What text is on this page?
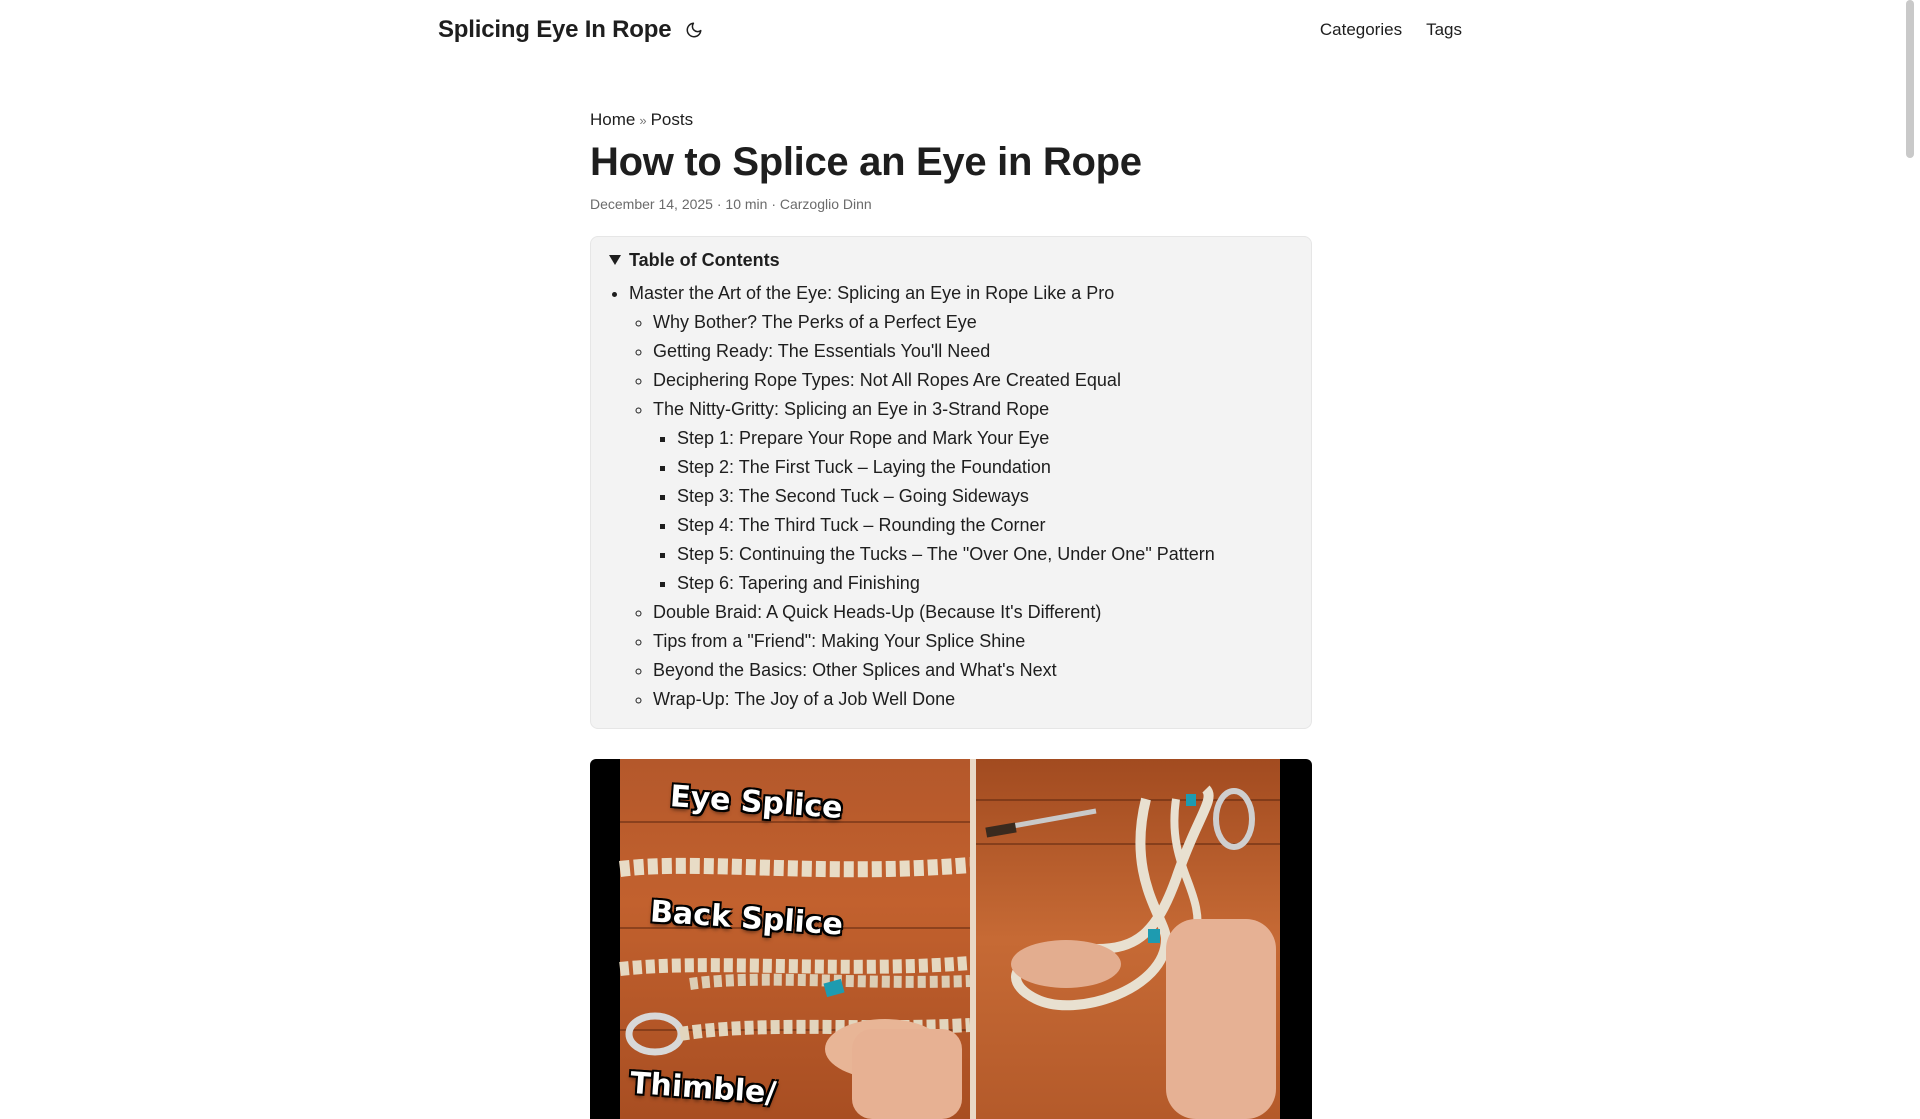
Splicing Eye In Rope	Categories Tags
Home » Posts
How to Splice an Eye in Rope
December 14, 2025 · 10 min · Carzoglio Dinn
Table of Contents
• Master the Art of the Eye: Splicing an Eye in Rope Like a Pro
◦ Why Bother? The Perks of a Perfect Eye
◦ Getting Ready: The Essentials You'll Need
◦ Deciphering Rope Types: Not All Ropes Are Created Equal
◦ The Nitty-Gritty: Splicing an Eye in 3-Strand Rope
▪ Step 1: Prepare Your Rope and Mark Your Eye
▪ Step 2: The First Tuck – Laying the Foundation
▪ Step 3: The Second Tuck – Going Sideways
▪ Step 4: The Third Tuck – Rounding the Corner
▪ Step 5: Continuing the Tucks – The "Over One, Under One" Pattern
▪ Step 6: Tapering and Finishing
◦ Double Braid: A Quick Heads-Up (Because It's Different)
◦ Tips from a "Friend": Making Your Splice Shine
◦ Beyond the Basics: Other Splices and What's Next
◦ Wrap-Up: The Joy of a Job Well Done
Eye Splice
Back Splice
Thimble/
